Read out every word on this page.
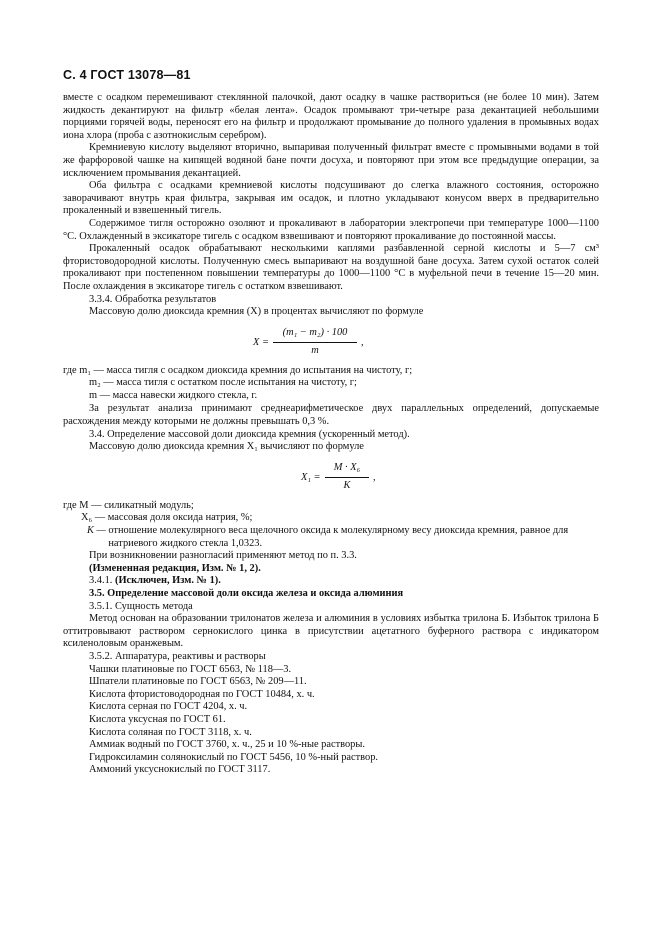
С. 4 ГОСТ 13078—81

вместе с осадком перемешивают стеклянной палочкой, дают осадку в чашке раствориться (не более 10 мин). Затем жидкость декантируют на фильтр «белая лента». Осадок промывают три-четыре раза декантацией небольшими порциями горячей воды, переносят его на фильтр и продолжают промывание до полного удаления в промывных водах иона хлора (проба с азотнокислым серебром).

Кремниевую кислоту выделяют вторично, выпаривая полученный фильтрат вместе с промывными водами в той же фарфоровой чашке на кипящей водяной бане почти досуха, и повторяют при этом все предыдущие операции, за исключением промывания декантацией.

Оба фильтра с осадками кремниевой кислоты подсушивают до слегка влажного состояния, осторожно заворачивают внутрь края фильтра, закрывая им осадок, и плотно укладывают конусом вверх в предварительно прокаленный и взвешенный тигель.

Содержимое тигля осторожно озоляют и прокаливают в лаборатории электропечи при температуре 1000—1100 °С. Охлажденный в эксикаторе тигель с осадком взвешивают и повторяют прокаливание до постоянной массы.

Прокаленный осадок обрабатывают несколькими каплями разбавленной серной кислоты и 5—7 см³ фтористоводородной кислоты. Полученную смесь выпаривают на воздушной бане досуха. Затем сухой остаток солей прокаливают при постепенном повышении температуры до 1000—1100 °С в муфельной печи в течение 15—20 мин. После охлаждения в эксикаторе тигель с остатком взвешивают.

3.3.4. Обработка результатов

Массовую долю диоксида кремния (X) в процентах вычисляют по формуле

X =
(m₁ − m₂) · 100
m
,

где m₁ — масса тигля с осадком диоксида кремния до испытания на чистоту, г;

m₂ — масса тигля с остатком после испытания на чистоту, г;

m — масса навески жидкого стекла, г.

За результат анализа принимают среднеарифметическое двух параллельных определений, допускаемые расхождения между которыми не должны превышать 0,3 %.

3.4. Определение массовой доли диоксида кремния (ускоренный метод).

Массовую долю диоксида кремния X₁ вычисляют по формуле

X₁ =
M · X₆
K
,

где M — силикатный модуль;

X₆ — массовая доля оксида натрия, %;

K — отношение молекулярного веса щелочного оксида к молекулярному весу диоксида кремния, равное для натриевого жидкого стекла 1,0323.

При возникновении разногласий применяют метод по п. 3.3.

(Измененная редакция, Изм. № 1, 2).

3.4.1. (Исключен, Изм. № 1).

3.5. Определение массовой доли оксида железа и оксида алюминия

3.5.1. Сущность метода

Метод основан на образовании трилонатов железа и алюминия в условиях избытка трилона Б. Избыток трилона Б оттитровывают раствором сернокислого цинка в присутствии ацетатного буферного раствора с индикатором ксиленоловым оранжевым.

3.5.2. Аппаратура, реактивы и растворы

Чашки платиновые по ГОСТ 6563, № 118—3.

Шпатели платиновые по ГОСТ 6563, № 209—11.

Кислота фтористоводородная по ГОСТ 10484, х. ч.

Кислота серная по ГОСТ 4204, х. ч.

Кислота уксусная по ГОСТ 61.

Кислота соляная по ГОСТ 3118, х. ч.

Аммиак водный по ГОСТ 3760, х. ч., 25 и 10 %-ные растворы.

Гидроксиламин солянокислый по ГОСТ 5456, 10 %-ный раствор.

Аммоний уксуснокислый по ГОСТ 3117.
